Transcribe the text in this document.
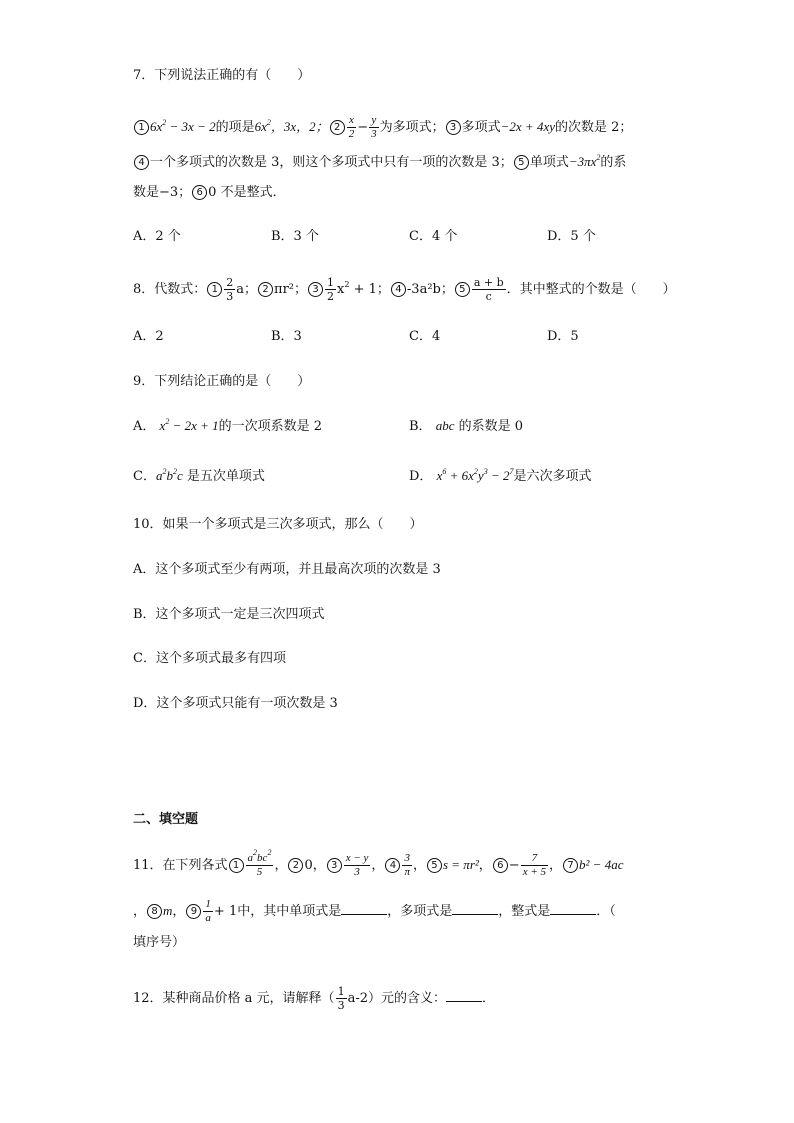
7．下列说法正确的有（　　）
1 $6x^2 - 3x - 2$的项是$6x^2$，3x，2； $2 \frac{x}{2} - \frac{y}{3}$ 为多项式； 3 多项式−2x + 4xy的次数是 2；
4 一个多项式的次数是 3，则这个多项式中只有一项的次数是 3； 5 单项式$-3\pi x^2$的系
数是−3； 6 0 不是整式．
A．2 个	B．3 个	C．4 个	D．5 个
8．代数式： $1 \frac{2}{3}$ a； 2 πr²； $3 \frac{1}{2} x^2 + 1$； 4 -3a²b； $5 \frac{a + b}{c}$ ．其中整式的个数是（　　）
A．2	B．3	C．4	D．5
9．下列结论正确的是（　　）
A． $x^2 - 2x + 1$的一次项系数是 2	B． abc 的系数是 0
C．$a^2b^2c$ 是五次单项式	D． $x^6 + 6x^2y^3 - 2^7$是六次多项式
10．如果一个多项式是三次多项式，那么（　　）
A．这个多项式至少有两项，并且最高次项的次数是 3
B．这个多项式一定是三次四项式
C．这个多项式最多有四项
D．这个多项式只能有一项次数是 3
二、填空题
11．在下列各式 $1 \frac{a^2bc^2}{5}$ ， 2 0， $3 \frac{x - y}{3}$ ， $4 \frac{3}{\pi}$ ， 5 s = πr²， $6 - \frac{7}{x + 5}$ ， 7 b² − 4ac
， 8 m， $9 \frac{1}{a} + 1$中，其中单项式是	，多项式是	，整式是	．（
填序号）
12．某种商品价格 a 元，请解释（ $\frac{1}{3} a-2$）元的含义：	．
